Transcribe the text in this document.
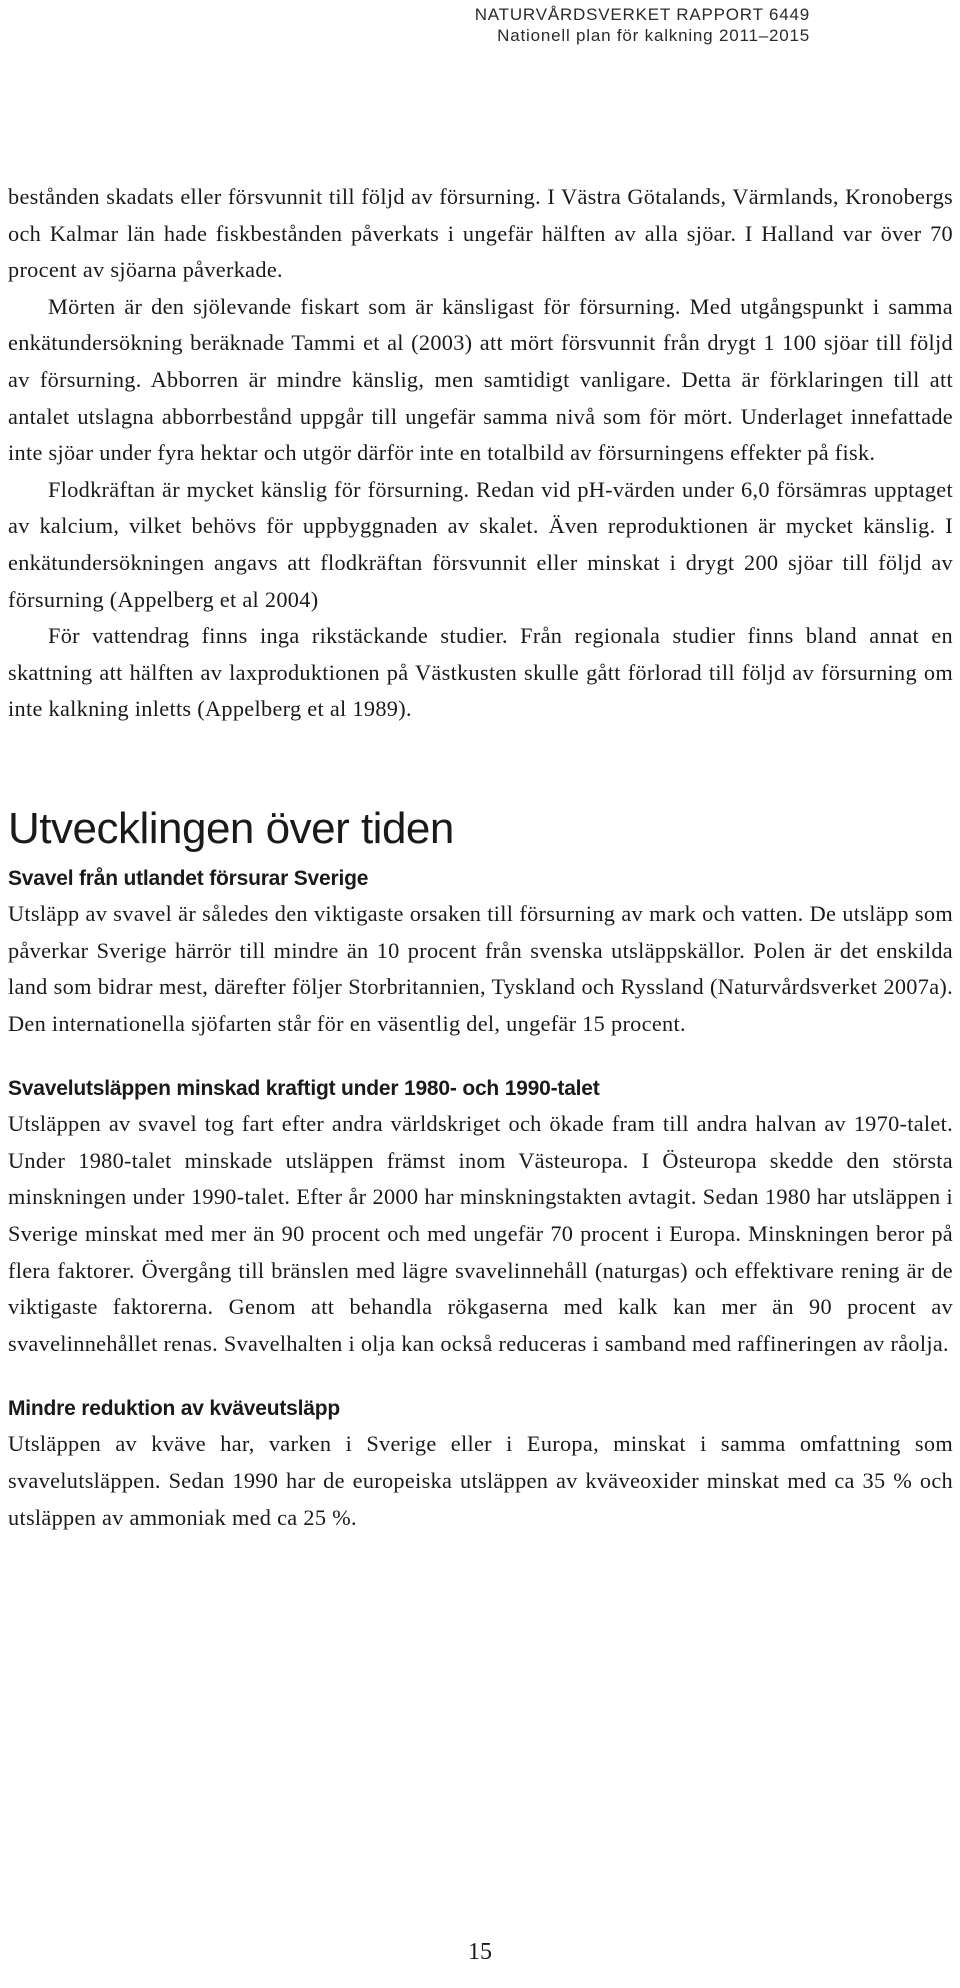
NATURVÅRDSVERKET RAPPORT 6449
Nationell plan för kalkning 2011–2015

bestånden skadats eller försvunnit till följd av försurning. I Västra Götalands, Värmlands, Kronobergs och Kalmar län hade fiskbestånden påverkats i ungefär hälften av alla sjöar. I Halland var över 70 procent av sjöarna påverkade.

Mörten är den sjölevande fiskart som är känsligast för försurning. Med utgångspunkt i samma enkätundersökning beräknade Tammi et al (2003) att mört försvunnit från drygt 1 100 sjöar till följd av försurning. Abborren är mindre känslig, men samtidigt vanligare. Detta är förklaringen till att antalet utslagna abborrbestånd uppgår till ungefär samma nivå som för mört. Underlaget innefattade inte sjöar under fyra hektar och utgör därför inte en totalbild av försurningens effekter på fisk.

Flodkräftan är mycket känslig för försurning. Redan vid pH-värden under 6,0 försämras upptaget av kalcium, vilket behövs för uppbyggnaden av skalet. Även reproduktionen är mycket känslig. I enkätundersökningen angavs att flodkräftan försvunnit eller minskat i drygt 200 sjöar till följd av försurning (Appelberg et al 2004)

För vattendrag finns inga rikstäckande studier. Från regionala studier finns bland annat en skattning att hälften av laxproduktionen på Västkusten skulle gått förlorad till följd av försurning om inte kalkning inletts (Appelberg et al 1989).

Utvecklingen över tiden
Svavel från utlandet försurar Sverige

Utsläpp av svavel är således den viktigaste orsaken till försurning av mark och vatten. De utsläpp som påverkar Sverige härrör till mindre än 10 procent från svenska utsläppskällor. Polen är det enskilda land som bidrar mest, därefter följer Storbritannien, Tyskland och Ryssland (Naturvårdsverket 2007a). Den internationella sjöfarten står för en väsentlig del, ungefär 15 procent.

Svavelutsläppen minskad kraftigt under 1980- och 1990-talet

Utsläppen av svavel tog fart efter andra världskriget och ökade fram till andra halvan av 1970-talet. Under 1980-talet minskade utsläppen främst inom Västeuropa. I Östeuropa skedde den största minskningen under 1990-talet. Efter år 2000 har minskningstakten avtagit. Sedan 1980 har utsläppen i Sverige minskat med mer än 90 procent och med ungefär 70 procent i Europa. Minskningen beror på flera faktorer. Övergång till bränslen med lägre svavelinnehåll (naturgas) och effektivare rening är de viktigaste faktorerna. Genom att behandla rökgaserna med kalk kan mer än 90 procent av svavelinnehållet renas. Svavelhalten i olja kan också reduceras i samband med raffineringen av råolja.

Mindre reduktion av kväveutsläpp

Utsläppen av kväve har, varken i Sverige eller i Europa, minskat i samma omfattning som svavelutsläppen. Sedan 1990 har de europeiska utsläppen av kväveoxider minskat med ca 35 % och utsläppen av ammoniak med ca 25 %.

15
